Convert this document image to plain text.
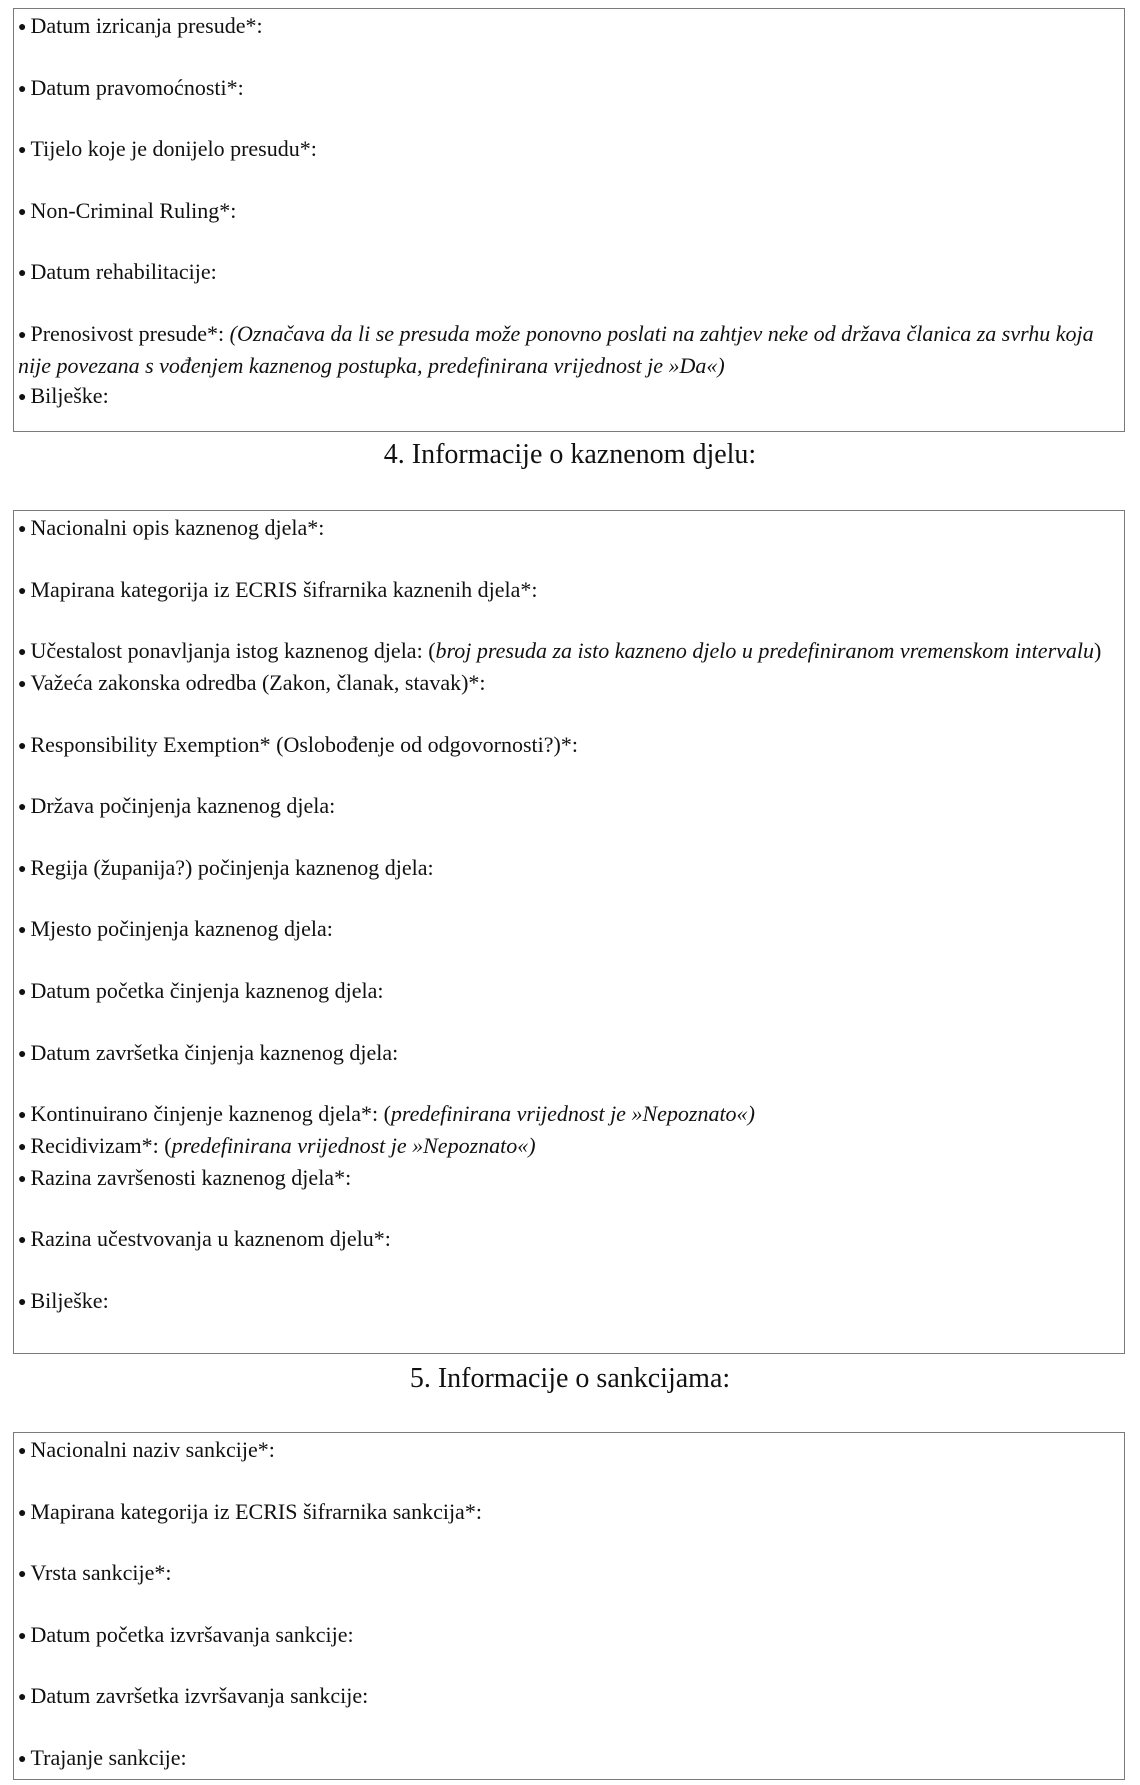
● Datum izricanja presude*:
● Datum pravomoćnosti*:
● Tijelo koje je donijelo presudu*:
● Non-Criminal Ruling*:
● Datum rehabilitacije:
● Prenosivost presude*: (Označava da li se presuda može ponovno poslati na zahtjev neke od država članica za svrhu koja nije povezana s vođenjem kaznenog postupka, predefinirana vrijednost je »Da«)
● Bilješke:
4. Informacije o kaznenom djelu:
● Nacionalni opis kaznenog djela*:
● Mapirana kategorija iz ECRIS šifrarnika kaznenih djela*:
● Učestalost ponavljanja istog kaznenog djela: (broj presuda za isto kazneno djelo u predefiniranom vremenskom intervalu)
● Važeća zakonska odredba (Zakon, članak, stavak)*:
● Responsibility Exemption* (Oslobođenje od odgovornosti?)*:
● Država počinjenja kaznenog djela:
● Regija (županija?) počinjenja kaznenog djela:
● Mjesto počinjenja kaznenog djela:
● Datum početka činjenja kaznenog djela:
● Datum završetka činjenja kaznenog djela:
● Kontinuirano činjenje kaznenog djela*: (predefinirana vrijednost je »Nepoznato«)
● Recidivizam*: (predefinirana vrijednost je »Nepoznato«)
● Razina završenosti kaznenog djela*:
● Razina učestvovanja u kaznenom djelu*:
● Bilješke:
5. Informacije o sankcijama:
● Nacionalni naziv sankcije*:
● Mapirana kategorija iz ECRIS šifrarnika sankcija*:
● Vrsta sankcije*:
● Datum početka izvršavanja sankcije:
● Datum završetka izvršavanja sankcije:
● Trajanje sankcije:
